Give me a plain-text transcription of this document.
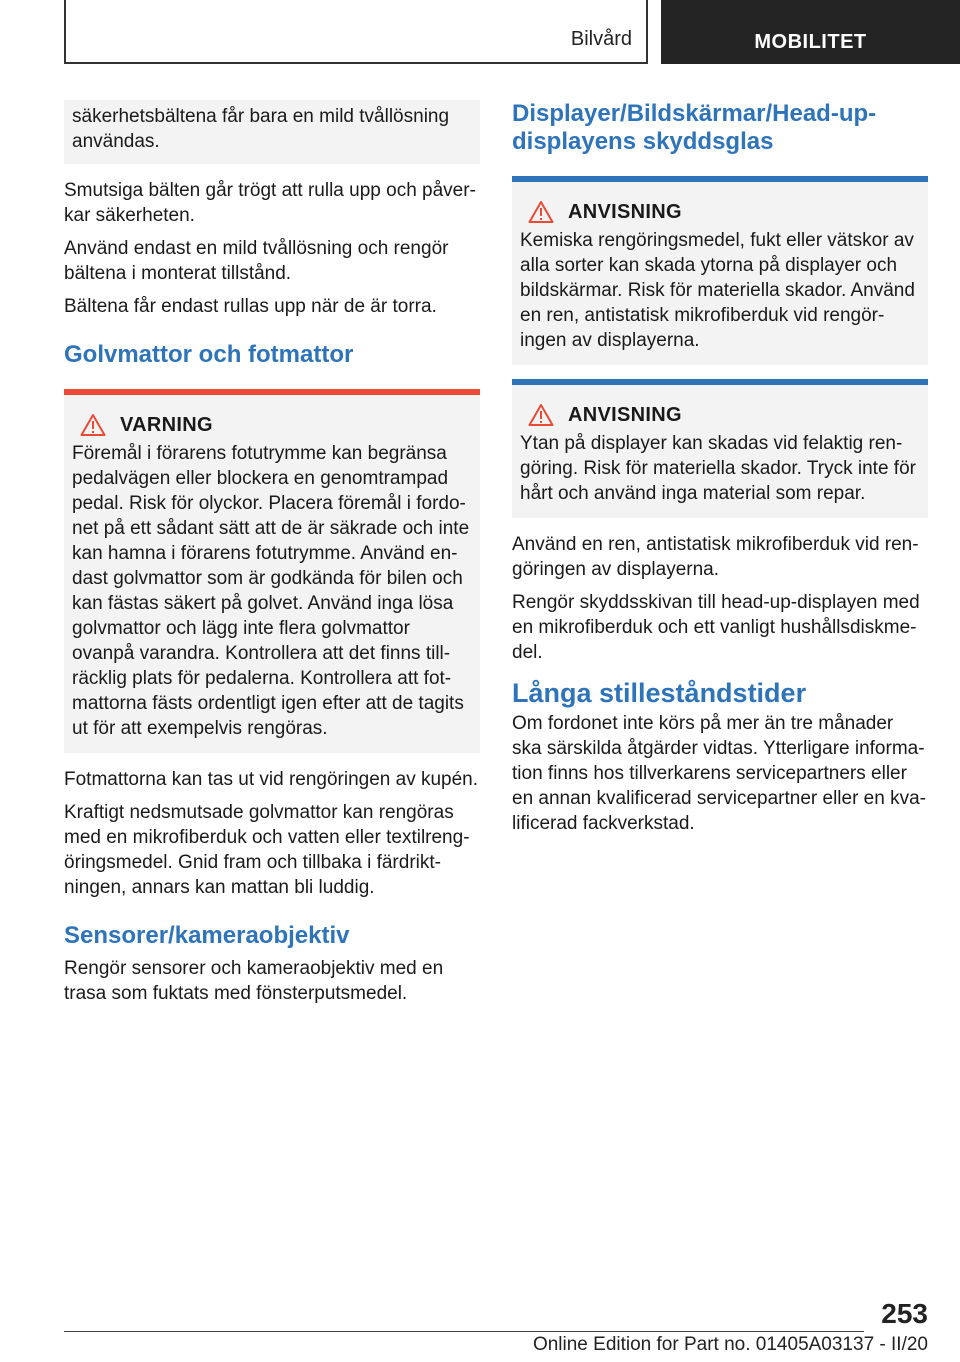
Bilvård	MOBILITET

säkerhetsbältena får bara en mild tvållösning användas.

Smutsiga bälten går trögt att rulla upp och påver-kar säkerheten.

Använd endast en mild tvållösning och rengör bältena i monterat tillstånd.

Bältena får endast rullas upp när de är torra.

Golvmattor och fotmattor
VARNING

Föremål i förarens fotutrymme kan begränsa pedalvägen eller blockera en genomtrampad pedal. Risk för olyckor. Placera föremål i fordo-net på ett sådant sätt att de är säkrade och inte kan hamna i förarens fotutrymme. Använd en-dast golvmattor som är godkända för bilen och kan fästas säkert på golvet. Använd inga lösa golvmattor och lägg inte flera golvmattor ovanpå varandra. Kontrollera att det finns till-räcklig plats för pedalerna. Kontrollera att fot-mattorna fästs ordentligt igen efter att de tagits ut för att exempelvis rengöras.

Fotmattorna kan tas ut vid rengöringen av kupén.

Kraftigt nedsmutsade golvmattor kan rengöras med en mikrofiberduk och vatten eller textilreng-öringsmedel. Gnid fram och tillbaka i färdrikt-ningen, annars kan mattan bli luddig.

Sensorer/kameraobjektiv

Rengör sensorer och kameraobjektiv med en trasa som fuktats med fönsterputsmedel.

Displayer/Bildskärmar/Head-up-displayens skyddsglas
ANVISNING

Kemiska rengöringsmedel, fukt eller vätskor av alla sorter kan skada ytorna på displayer och bildskärmar. Risk för materiella skador. Använd en ren, antistatisk mikrofiberduk vid rengör-ingen av displayerna.

ANVISNING

Ytan på displayer kan skadas vid felaktig ren-göring. Risk för materiella skador. Tryck inte för hårt och använd inga material som repar.

Använd en ren, antistatisk mikrofiberduk vid ren-göringen av displayerna.

Rengör skyddsskivan till head-up-displayen med en mikrofiberduk och ett vanligt hushållsdiskme-del.

Långa stilleståndstider

Om fordonet inte körs på mer än tre månader ska särskilda åtgärder vidtas. Ytterligare informa-tion finns hos tillverkarens servicepartners eller en annan kvalificerad servicepartner eller en kva-lificerad fackverkstad.

253
Online Edition for Part no. 01405A03137 - II/20
